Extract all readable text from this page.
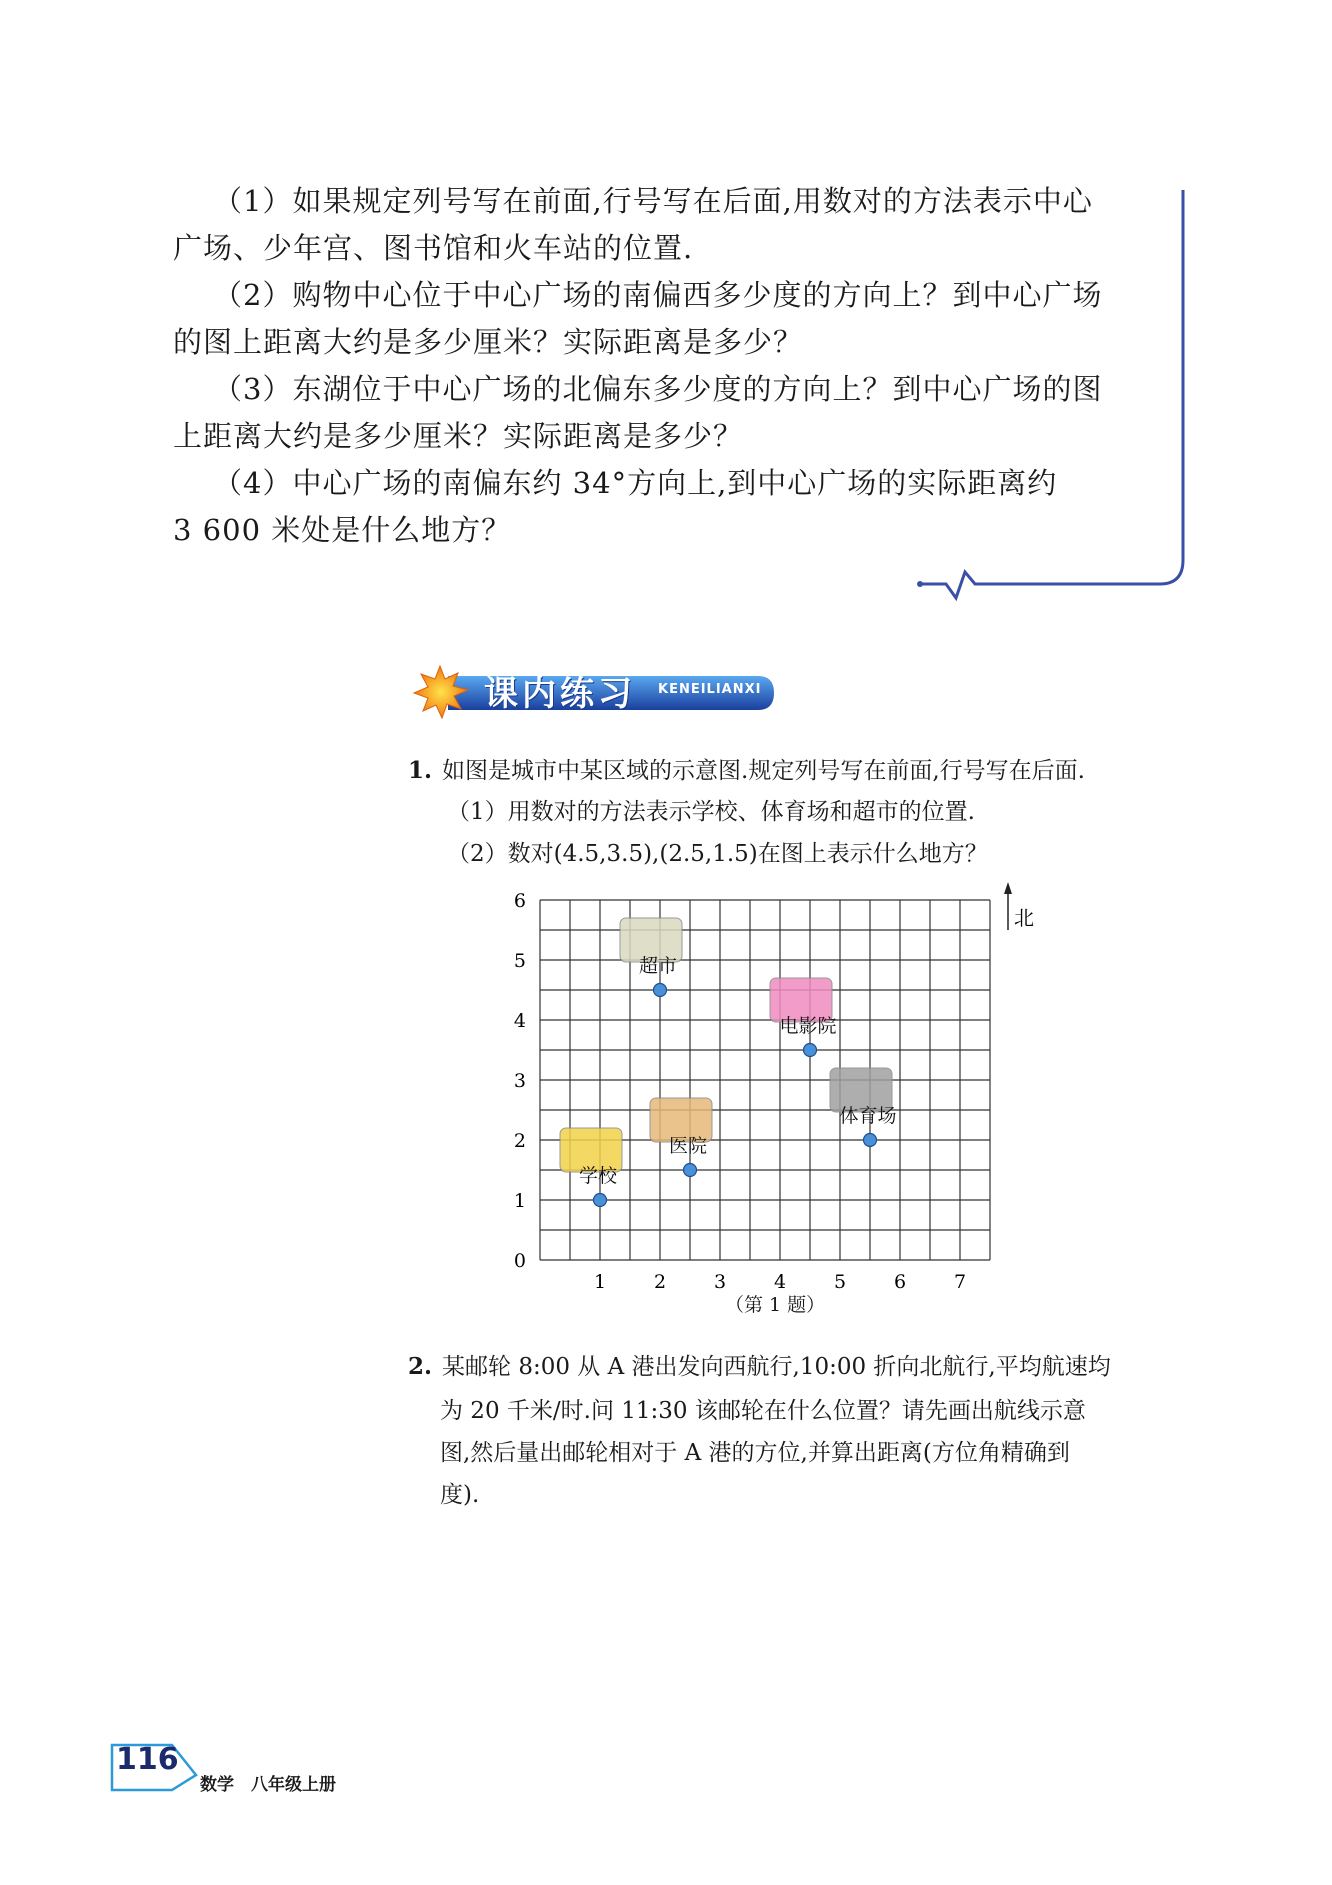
（1）如果规定列号写在前面,行号写在后面,用数对的方法表示中心
广场、少年宫、图书馆和火车站的位置.
（2）购物中心位于中心广场的南偏西多少度的方向上？到中心广场
的图上距离大约是多少厘米？实际距离是多少？
（3）东湖位于中心广场的北偏东多少度的方向上？到中心广场的图
上距离大约是多少厘米？实际距离是多少？
（4）中心广场的南偏东约 34°方向上,到中心广场的实际距离约
3 600 米处是什么地方？
课内练习 KENEILIANXI
1. 如图是城市中某区域的示意图.规定列号写在前面,行号写在后面.
（1）用数对的方法表示学校、体育场和超市的位置.
（2）数对(4.5,3.5),(2.5,1.5)在图上表示什么地方？
1	2	3	4	5	6	7
0
1
2
3
4
5
6
北
学校
医院
超市
电影院
体育场
（第 1 题）
2. 某邮轮 8:00 从 A 港出发向西航行,10:00 折向北航行,平均航速均
为 20 千米/时.问 11:30 该邮轮在什么位置？请先画出航线示意
图,然后量出邮轮相对于 A 港的方位,并算出距离(方位角精确到
度).
116
数学　八年级上册
